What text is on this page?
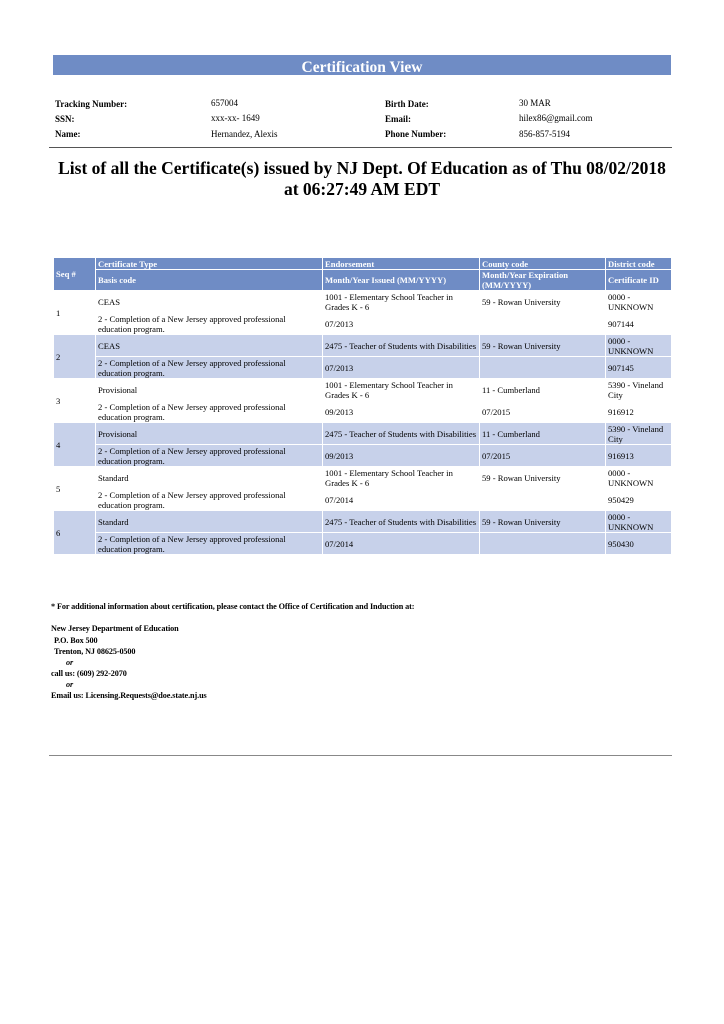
Certification View
Tracking Number:	657004	Birth Date:	30 MAR
SSN:	xxx-xx- 1649	Email:	hilex86@gmail.com
Name:	Hernandez, Alexis	Phone Number:	856-857-5194
List of all the Certificate(s) issued by NJ Dept. Of Education as of Thu 08/02/2018 at 06:27:49 AM EDT
Seq #	Certificate Type	Endorsement	County code	District code
	Basis code	Month/Year Issued (MM/YYYY)	Month/Year Expiration (MM/YYYY)	Certificate ID
1	CEAS	1001 - Elementary School Teacher in Grades K - 6	59 - Rowan University	0000 - UNKNOWN
	2 - Completion of a New Jersey approved professional education program.	07/2013		907144
2	CEAS	2475 - Teacher of Students with Disabilities	59 - Rowan University	0000 - UNKNOWN
	2 - Completion of a New Jersey approved professional education program.	07/2013		907145
3	Provisional	1001 - Elementary School Teacher in Grades K - 6	11 - Cumberland	5390 - Vineland City
	2 - Completion of a New Jersey approved professional education program.	09/2013	07/2015	916912
4	Provisional	2475 - Teacher of Students with Disabilities	11 - Cumberland	5390 - Vineland City
	2 - Completion of a New Jersey approved professional education program.	09/2013	07/2015	916913
5	Standard	1001 - Elementary School Teacher in Grades K - 6	59 - Rowan University	0000 - UNKNOWN
	2 - Completion of a New Jersey approved professional education program.	07/2014		950429
6	Standard	2475 - Teacher of Students with Disabilities	59 - Rowan University	0000 - UNKNOWN
	2 - Completion of a New Jersey approved professional education program.	07/2014		950430
* For additional information about certification, please contact the Office of Certification and Induction at:
New Jersey Department of Education
P.O. Box 500
Trenton, NJ 08625-0500
or
call us: (609) 292-2070
or
Email us: Licensing.Requests@doe.state.nj.us
